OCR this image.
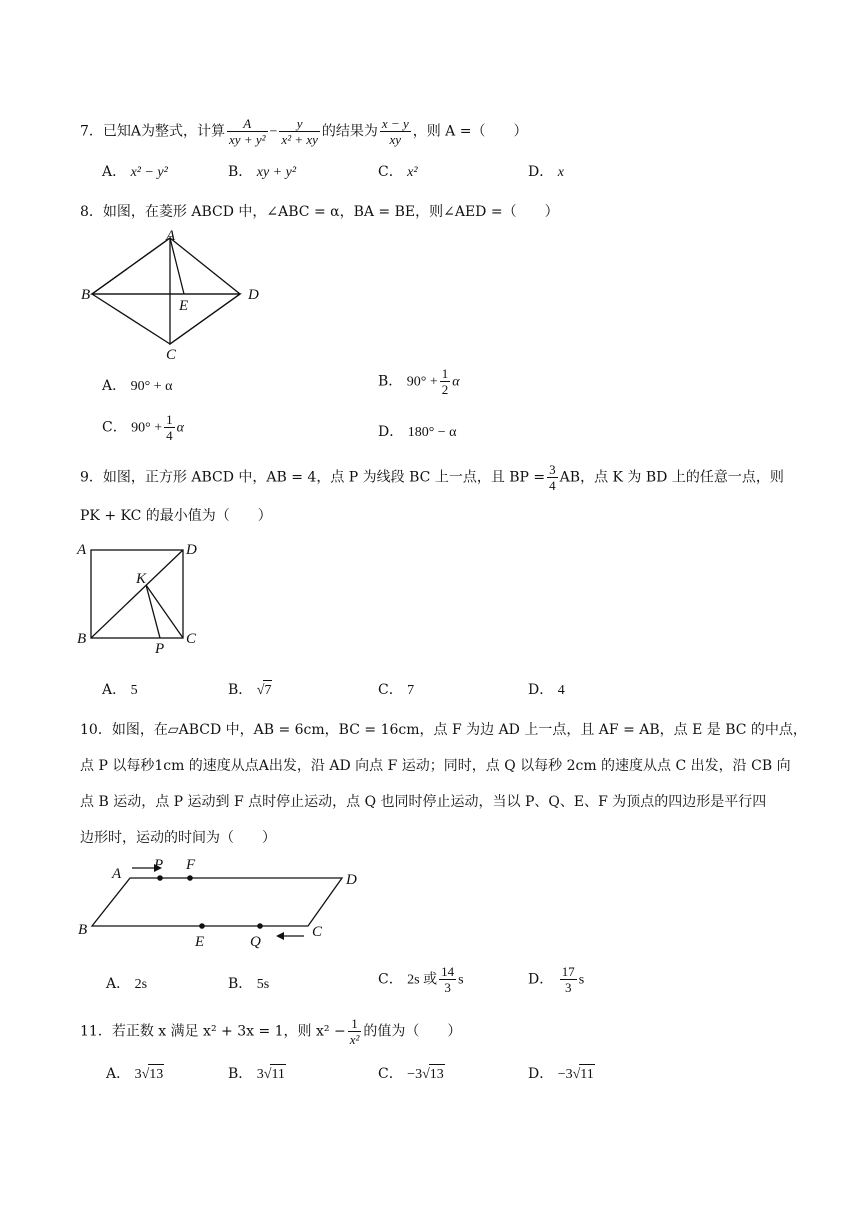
7．已知A为整式，计算 $\frac{A}{\text{xy + y²}} - \frac{y}{\text{x² + xy}}$ 的结果为 $\frac{x - y}{xy}$ ，则 A =（　　）
A． x² − y²	B． xy + y²	C． x²	D． x
8．如图，在菱形 ABCD 中，∠ABC = α，BA = BE，则∠AED =（　　）
A
B	D
E
C
A． 90° + α	B． $90^\circ + \frac{1}{2}$ α
C． $90^\circ + \frac{1}{4}$ α	D． 180° − α
9．如图，正方形 ABCD 中，AB = 4，点 P 为线段 BC 上一点，且 BP = $\frac{3}{4}$ AB，点 K 为 BD 上的任意一点，则
PK + KC 的最小值为（　　）
A	D
K
B	C
P
A． 5	B． √7	C． 7	D． 4
10．如图，在▱ABCD 中，AB = 6cm，BC = 16cm，点 F 为边 AD 上一点，且 AF = AB，点 E 是 BC 的中点，
点 P 以每秒1cm 的速度从点A出发，沿 AD 向点 F 运动；同时，点 Q 以每秒 2cm 的速度从点 C 出发，沿 CB 向
点 B 运动，点 P 运动到 F 点时停止运动，点 Q 也同时停止运动，当以 P、Q、E、F 为顶点的四边形是平行四
边形时，运动的时间为（　　）
A
P F
D
B
E	Q
C
A． 2s	B． 5s	C． 2s 或 $\frac{14}{3}$ s	D． $\frac{17}{3}$ s
11．若正数 x 满足 x² + 3x = 1，则 $x^2 - \frac{1}{\text{x²}}$ 的值为（　　）
A． 3√13	B． 3√11	C． −3√13	D． −3√11
